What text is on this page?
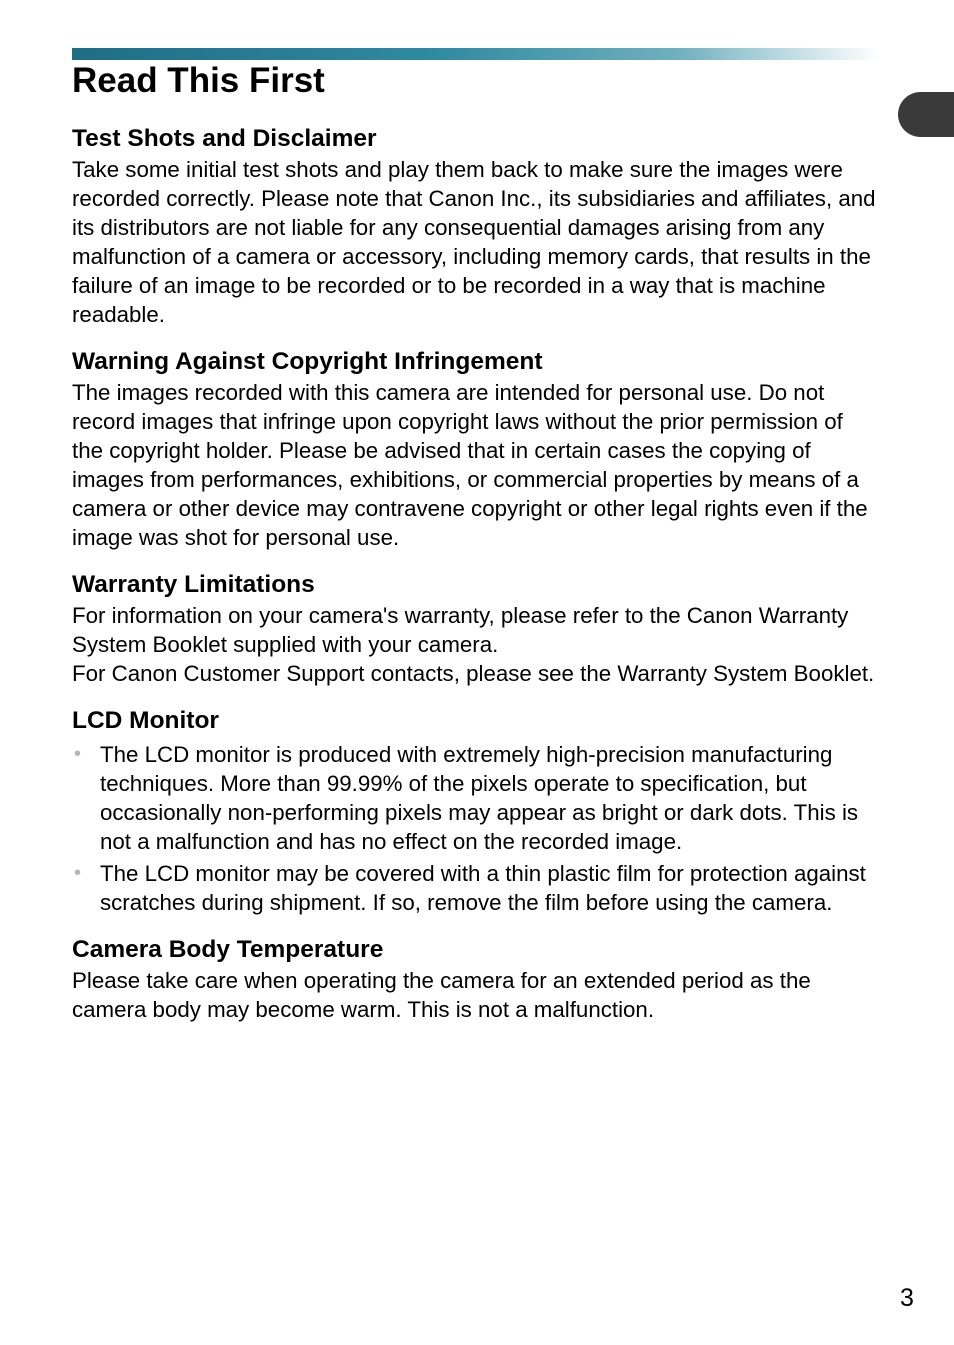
Read This First
Test Shots and Disclaimer

Take some initial test shots and play them back to make sure the images were recorded correctly. Please note that Canon Inc., its subsidiaries and affiliates, and its distributors are not liable for any consequential damages arising from any malfunction of a camera or accessory, including memory cards, that results in the failure of an image to be recorded or to be recorded in a way that is machine readable.

Warning Against Copyright Infringement

The images recorded with this camera are intended for personal use. Do not record images that infringe upon copyright laws without the prior permission of the copyright holder. Please be advised that in certain cases the copying of images from performances, exhibitions, or commercial properties by means of a camera or other device may contravene copyright or other legal rights even if the image was shot for personal use.

Warranty Limitations

For information on your camera's warranty, please refer to the Canon Warranty System Booklet supplied with your camera.

For Canon Customer Support contacts, please see the Warranty System Booklet.

LCD Monitor
• The LCD monitor is produced with extremely high-precision manufacturing techniques. More than 99.99% of the pixels operate to specification, but occasionally non-performing pixels may appear as bright or dark dots. This is not a malfunction and has no effect on the recorded image.
• The LCD monitor may be covered with a thin plastic film for protection against scratches during shipment. If so, remove the film before using the camera.
Camera Body Temperature

Please take care when operating the camera for an extended period as the camera body may become warm. This is not a malfunction.

3
